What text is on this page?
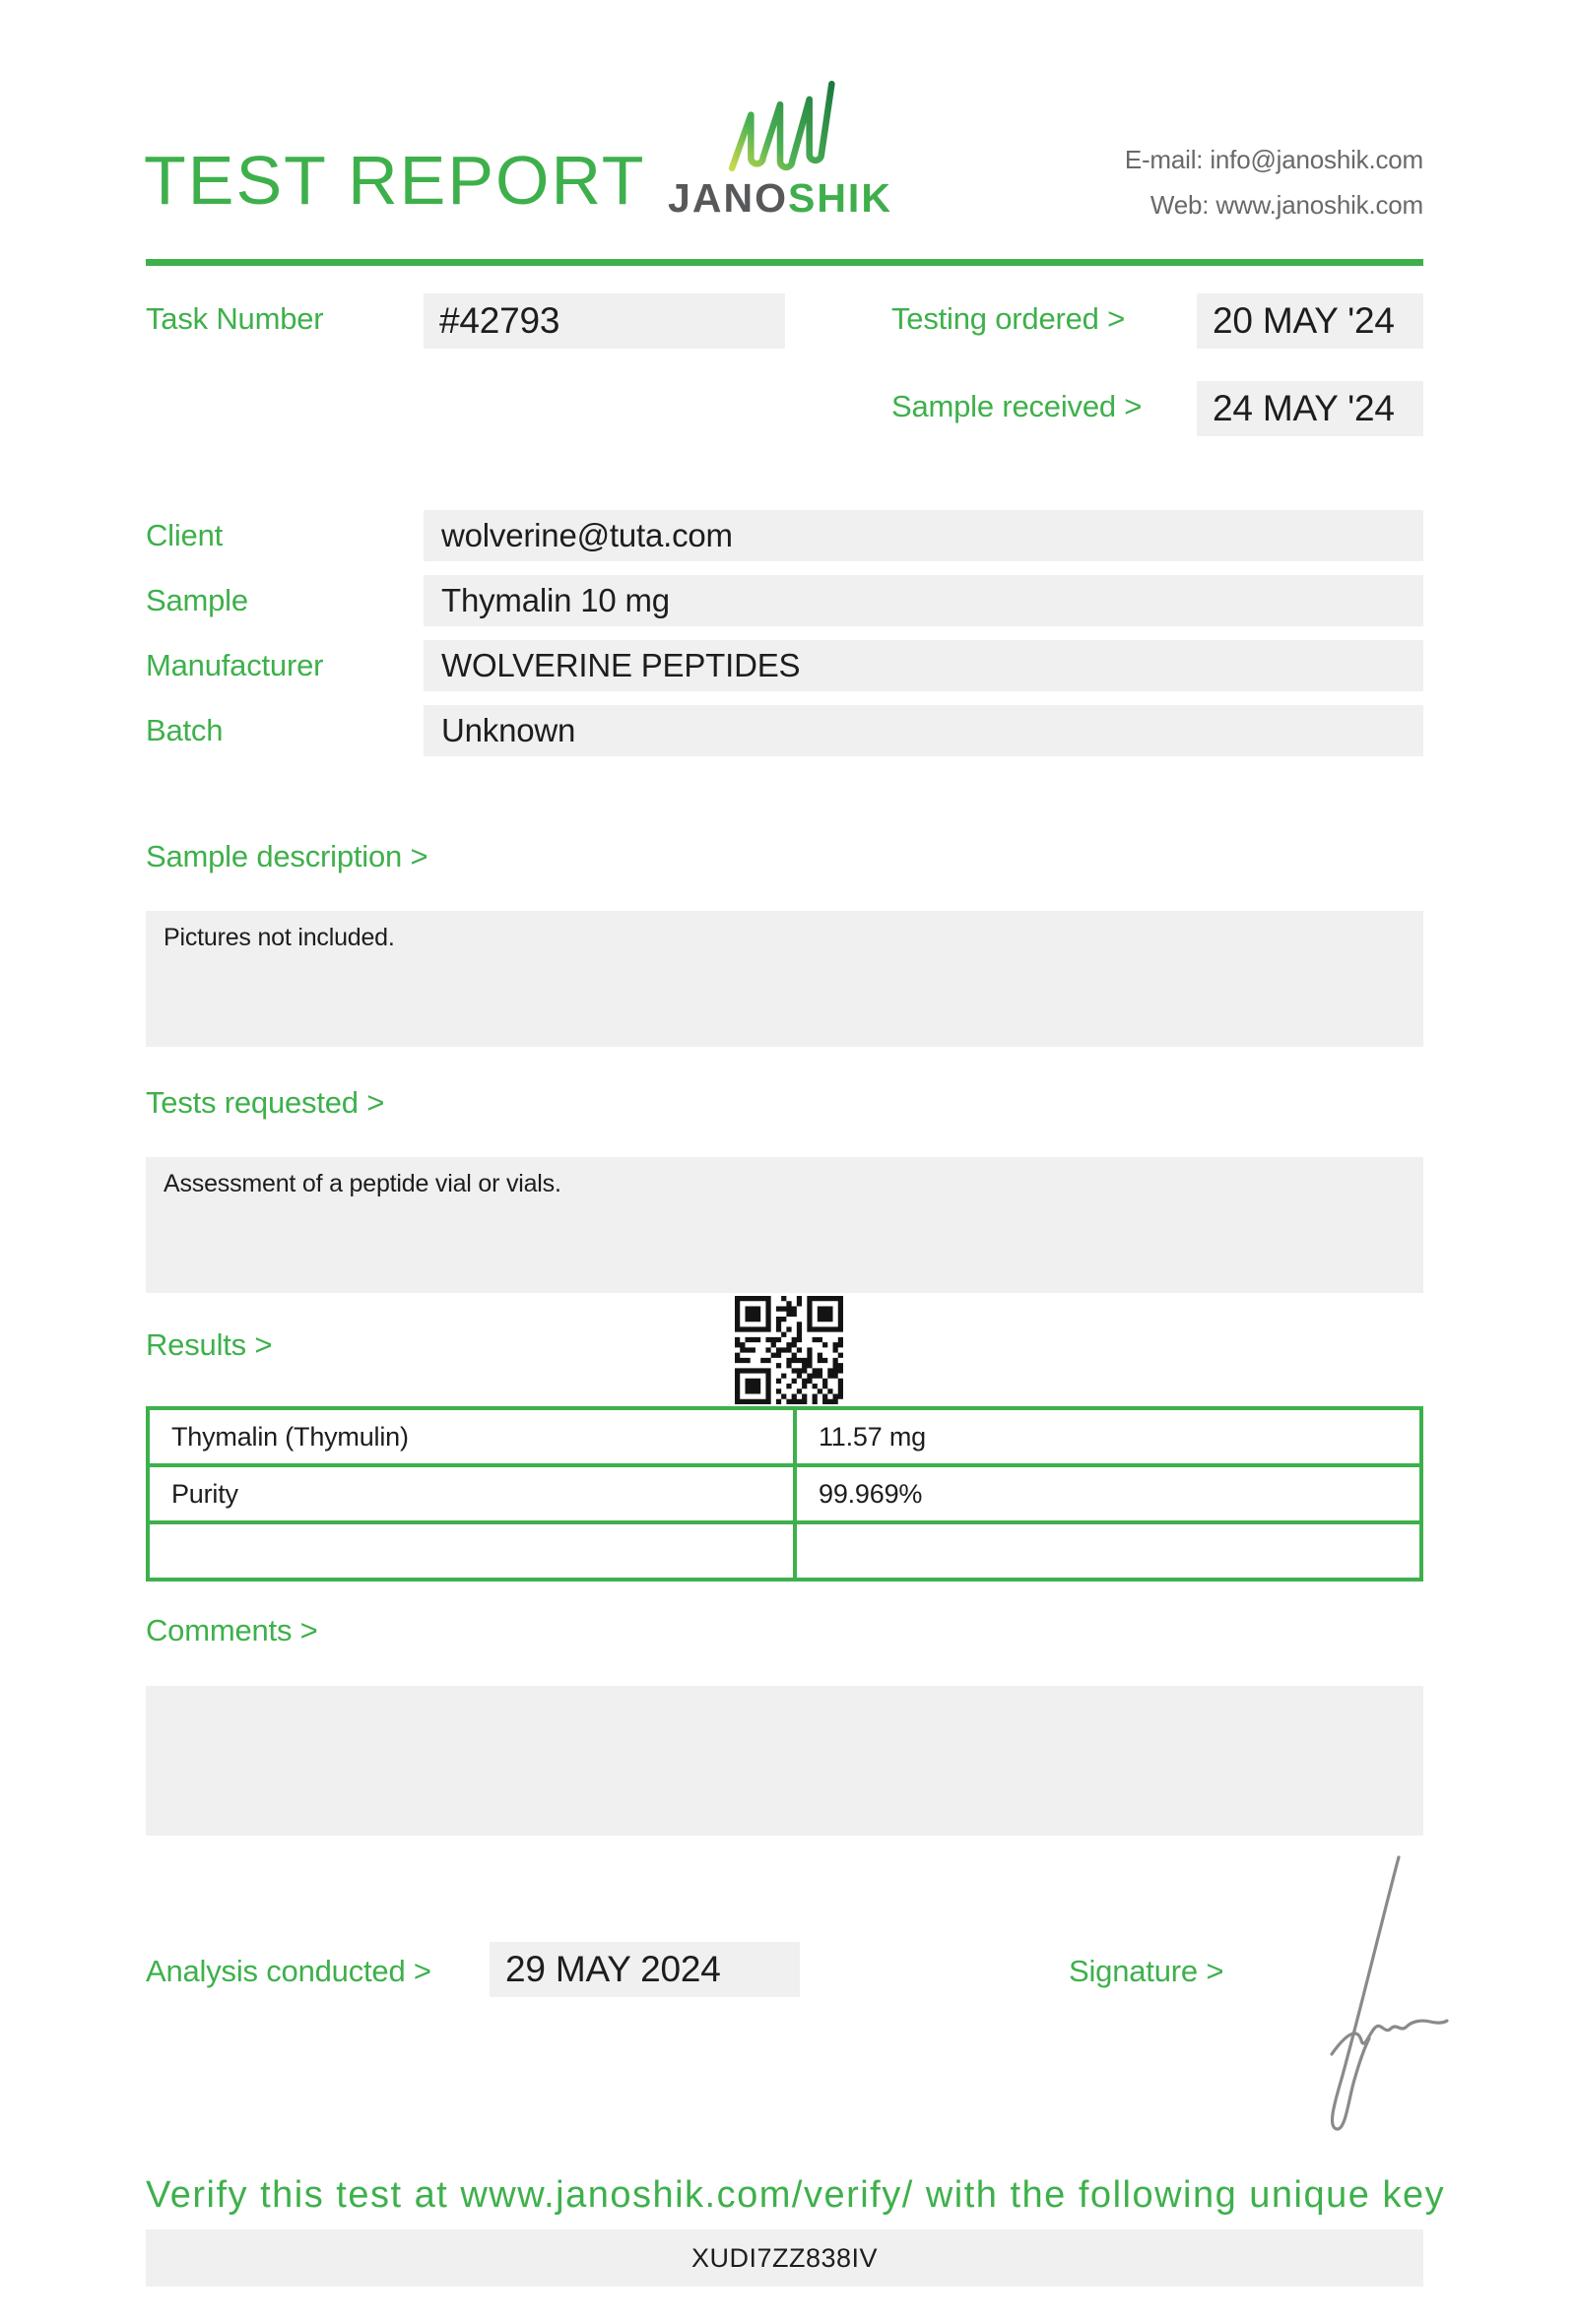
TEST REPORT JANOSHIK
E-mail: info@janoshik.com
Web: www.janoshik.com
Task Number	#42793	Testing ordered >	20 MAY '24
Sample received >	24 MAY '24
Client	wolverine@tuta.com
Sample	Thymalin 10 mg
Manufacturer	WOLVERINE PEPTIDES
Batch	Unknown
Sample description >
Pictures not included.
Tests requested >
Assessment of a peptide vial or vials.
Results >
Thymalin (Thymulin)	11.57 mg
Purity	99.969%
Comments >
Analysis conducted >	29 MAY 2024	Signature >
Verify this test at www.janoshik.com/verify/ with the following unique key
XUDI7ZZ838IV
